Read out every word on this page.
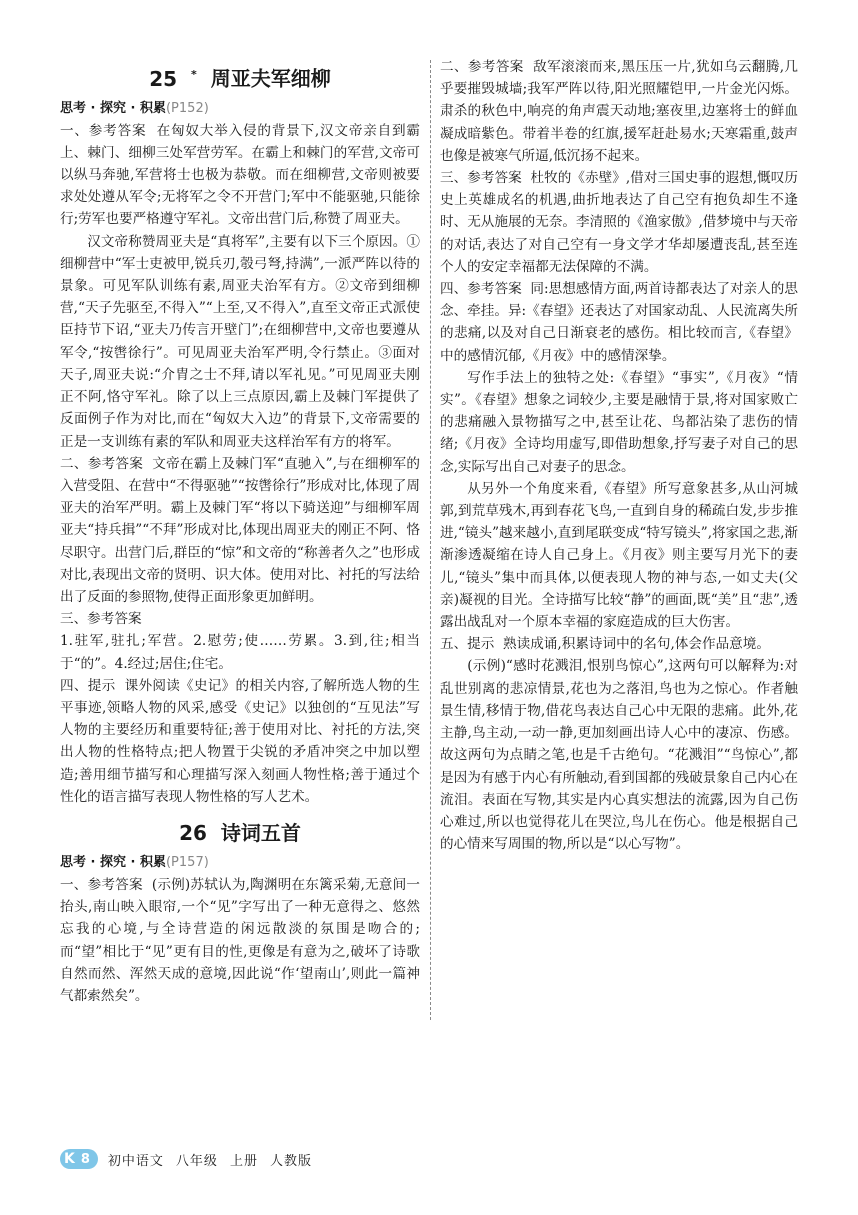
25 * 周亚夫军细柳
思考 · 探究 · 积累(P152)

一、参考答案 在匈奴大举入侵的背景下,汉文帝亲自到霸上、棘门、细柳三处军营劳军。在霸上和棘门的军营,文帝可以纵马奔驰,军营将士也极为恭敬。而在细柳营,文帝则被要求处处遵从军令;无将军之令不开营门;军中不能驱驰,只能徐行;劳军也要严格遵守军礼。文帝出营门后,称赞了周亚夫。

汉文帝称赞周亚夫是“真将军”,主要有以下三个原因。①细柳营中“军士吏被甲,锐兵刃,彀弓弩,持满”,一派严阵以待的景象。可见军队训练有素,周亚夫治军有方。②文帝到细柳营,“天子先驱至,不得入”“上至,又不得入”,直至文帝正式派使臣持节下诏,“亚夫乃传言开壁门”;在细柳营中,文帝也要遵从军令,“按辔徐行”。可见周亚夫治军严明,令行禁止。③面对天子,周亚夫说:“介胄之士不拜,请以军礼见。”可见周亚夫刚正不阿,恪守军礼。除了以上三点原因,霸上及棘门军提供了反面例子作为对比,而在“匈奴大入边”的背景下,文帝需要的正是一支训练有素的军队和周亚夫这样治军有方的将军。

二、参考答案 文帝在霸上及棘门军“直驰入”,与在细柳军的入营受阻、在营中“不得驱驰”“按辔徐行”形成对比,体现了周亚夫的治军严明。霸上及棘门军“将以下骑送迎”与细柳军周亚夫“持兵揖”“不拜”形成对比,体现出周亚夫的刚正不阿、恪尽职守。出营门后,群臣的“惊”和文帝的“称善者久之”也形成对比,表现出文帝的贤明、识大体。使用对比、衬托的写法给出了反面的参照物,使得正面形象更加鲜明。

三、参考答案

1.驻军,驻扎;军营。2.慰劳;使……劳累。3.到,往;相当于“的”。4.经过;居住;住宅。

四、提示 课外阅读《史记》的相关内容,了解所选人物的生平事迹,领略人物的风采,感受《史记》以独创的“互见法”写人物的主要经历和重要特征;善于使用对比、衬托的方法,突出人物的性格特点;把人物置于尖锐的矛盾冲突之中加以塑造;善用细节描写和心理描写深入刻画人物性格;善于通过个性化的语言描写表现人物性格的写人艺术。

26 诗词五首
思考 · 探究 · 积累(P157)

一、参考答案 (示例)苏轼认为,陶渊明在东篱采菊,无意间一抬头,南山映入眼帘,一个“见”字写出了一种无意得之、悠然忘我的心境,与全诗营造的闲远散淡的氛围是吻合的;而“望”相比于“见”更有目的性,更像是有意为之,破坏了诗歌自然而然、浑然天成的意境,因此说“作‘望南山’,则此一篇神气都索然矣”。

二、参考答案 敌军滚滚而来,黑压压一片,犹如乌云翻腾,几乎要摧毁城墙;我军严阵以待,阳光照耀铠甲,一片金光闪烁。肃杀的秋色中,响亮的角声震天动地;塞夜里,边塞将士的鲜血凝成暗紫色。带着半卷的红旗,援军赶赴易水;天寒霜重,鼓声也像是被寒气所逼,低沉扬不起来。

三、参考答案 杜牧的《赤壁》,借对三国史事的遐想,慨叹历史上英雄成名的机遇,曲折地表达了自己空有抱负却生不逢时、无从施展的无奈。李清照的《渔家傲》,借梦境中与天帝的对话,表达了对自己空有一身文学才华却屡遭丧乱,甚至连个人的安定幸福都无法保障的不满。

四、参考答案 同:思想感情方面,两首诗都表达了对亲人的思念、牵挂。异:《春望》还表达了对国家动乱、人民流离失所的悲痛,以及对自己日渐衰老的感伤。相比较而言,《春望》中的感情沉郁,《月夜》中的感情深挚。

写作手法上的独特之处:《春望》“事实”,《月夜》“情实”。《春望》想象之词较少,主要是融情于景,将对国家败亡的悲痛融入景物描写之中,甚至让花、鸟都沾染了悲伤的情绪;《月夜》全诗均用虚写,即借助想象,抒写妻子对自己的思念,实际写出自己对妻子的思念。

从另外一个角度来看,《春望》所写意象甚多,从山河城郭,到荒草残木,再到春花飞鸟,一直到自身的稀疏白发,步步推进,“镜头”越来越小,直到尾联变成“特写镜头”,将家国之悲,渐渐渗透凝缩在诗人自己身上。《月夜》则主要写月光下的妻儿,“镜头”集中而具体,以便表现人物的神与态,一如丈夫(父亲)凝视的目光。全诗描写比较“静”的画面,既“美”且“悲”,透露出战乱对一个原本幸福的家庭造成的巨大伤害。

五、提示 熟读成诵,积累诗词中的名句,体会作品意境。

(示例)“感时花溅泪,恨别鸟惊心”,这两句可以解释为:对乱世别离的悲凉情景,花也为之落泪,鸟也为之惊心。作者触景生情,移情于物,借花鸟表达自己心中无限的悲痛。此外,花主静,鸟主动,一动一静,更加刻画出诗人心中的凄凉、伤感。故这两句为点睛之笔,也是千古绝句。“花溅泪”“鸟惊心”,都是因为有感于内心有所触动,看到国都的残破景象自己内心在流泪。表面在写物,其实是内心真实想法的流露,因为自己伤心难过,所以也觉得花儿在哭泣,鸟儿在伤心。他是根据自己的心情来写周围的物,所以是“以心写物”。

K 8 初中语文 八年级 上册 人教版
